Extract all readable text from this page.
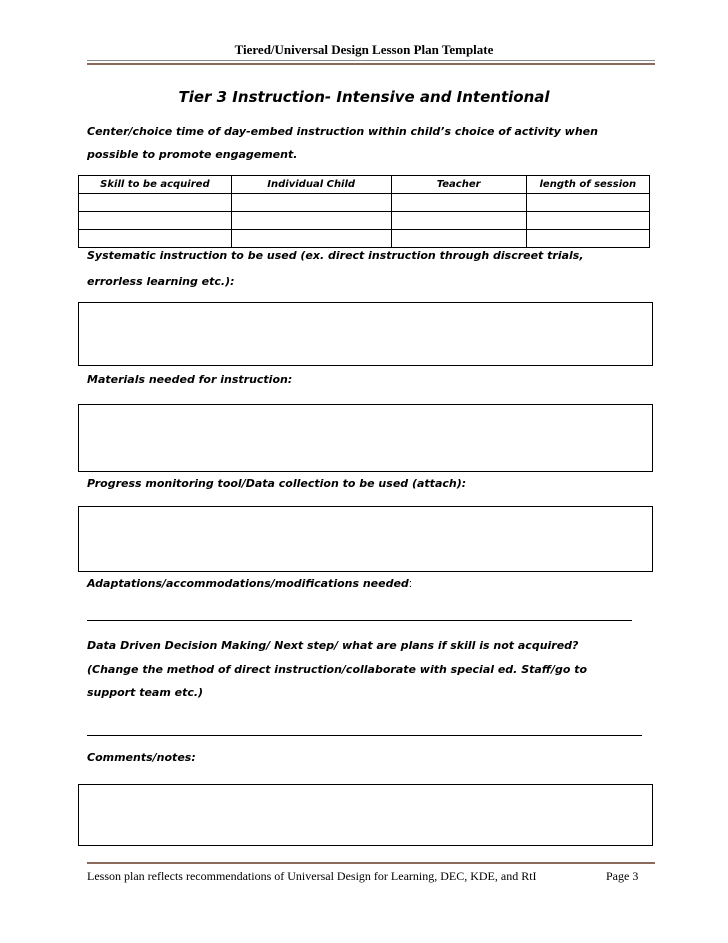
Tiered/Universal Design Lesson Plan Template
Tier 3 Instruction- Intensive and Intentional
Center/choice time of day-embed instruction within child’s choice of activity when
possible to promote engagement.
Skill to be acquired	Individual Child	Teacher	length of session

Systematic instruction to be used (ex. direct instruction through discreet trials,
errorless learning etc.):
Materials needed for instruction:
Progress monitoring tool/Data collection to be used (attach):
Adaptations/accommodations/modifications needed:
Data Driven Decision Making/ Next step/ what are plans if skill is not acquired?
(Change the method of direct instruction/collaborate with special ed. Staff/go to
support team etc.)
Comments/notes:
Lesson plan reflects recommendations of Universal Design for Learning, DEC, KDE, and RtI	Page 3
